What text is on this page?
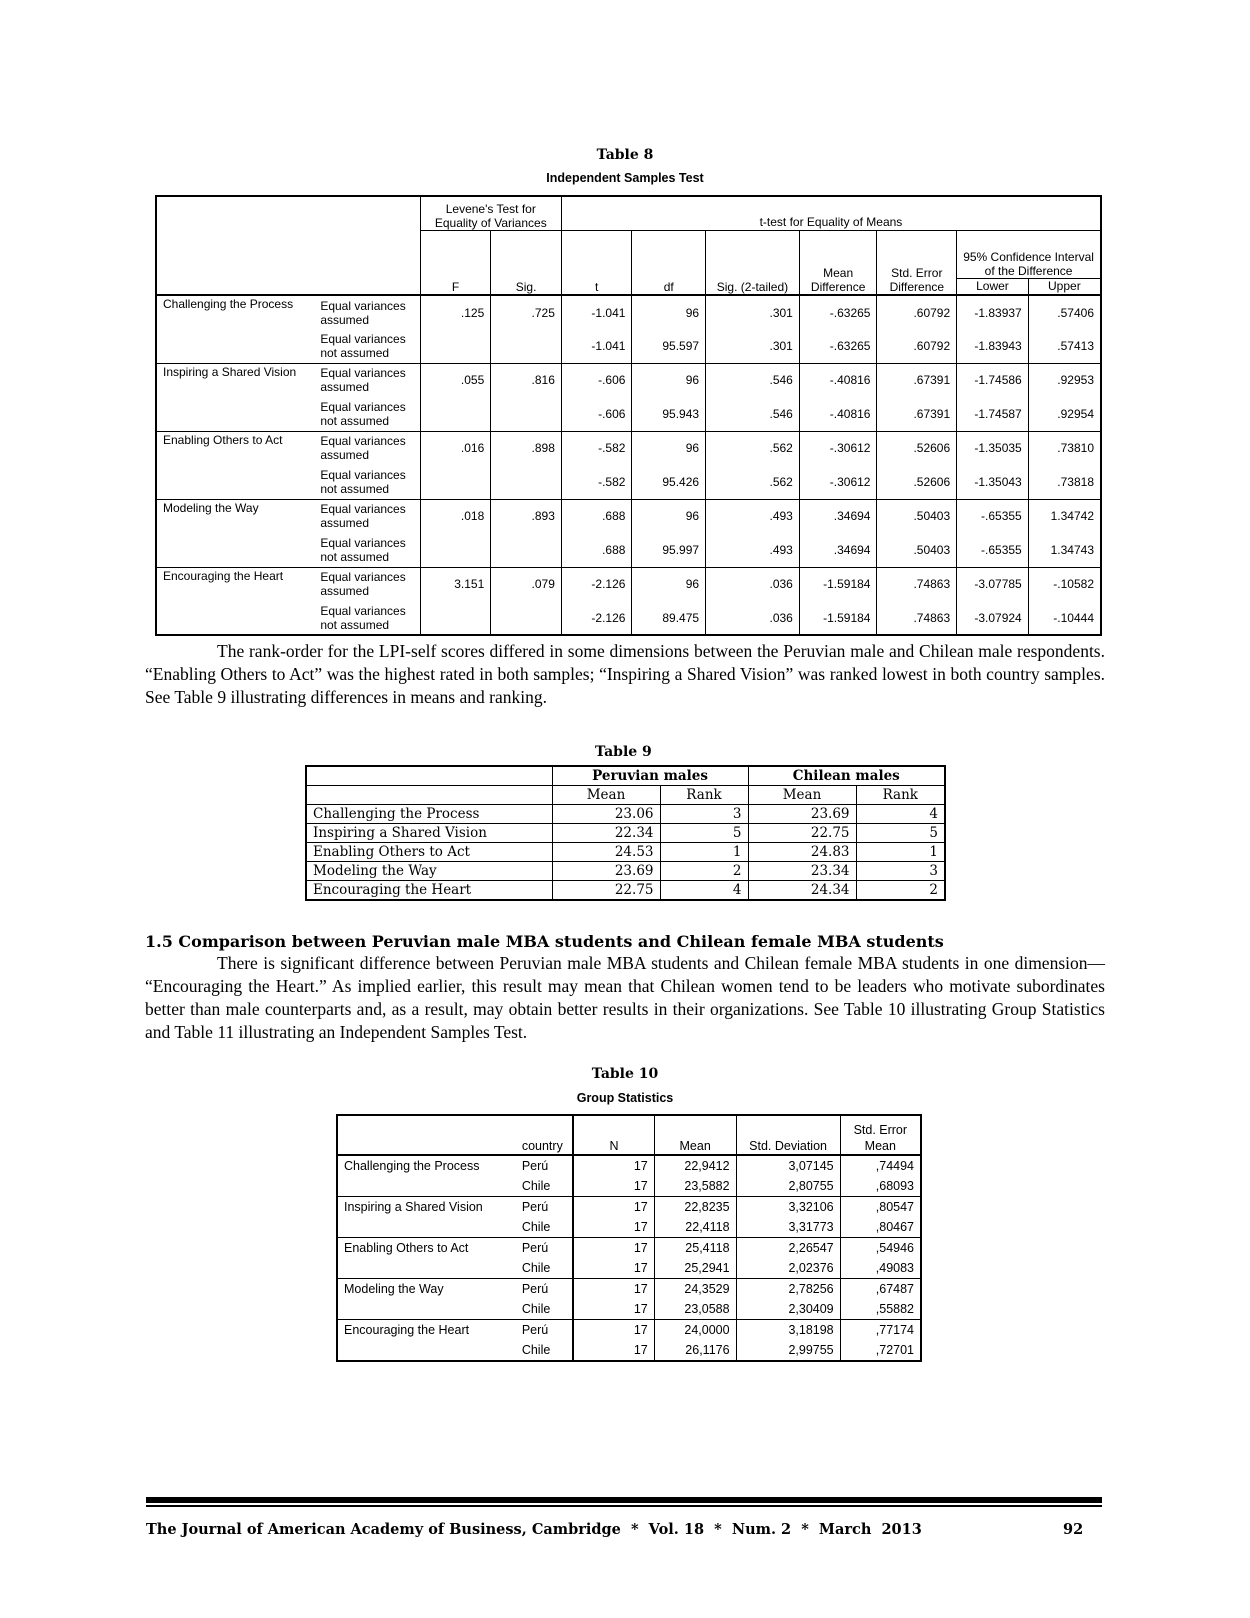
Table 8
Independent Samples Test
		Levene's Test for Equality of Variances		t-test for Equality of Means						
		F	Sig.	t	df	Sig. (2-tailed)	Mean Difference	Std. Error Difference	95% Confidence Interval of the Difference	
									Lower	Upper
Challenging the Process	Equal variances assumed	.125	.725	-1.041	96	.301	-.63265	.60792	-1.83937	.57406
	Equal variances not assumed			-1.041	95.597	.301	-.63265	.60792	-1.83943	.57413
Inspiring a Shared Vision	Equal variances assumed	.055	.816	-.606	96	.546	-.40816	.67391	-1.74586	.92953
	Equal variances not assumed			-.606	95.943	.546	-.40816	.67391	-1.74587	.92954
Enabling Others to Act	Equal variances assumed	.016	.898	-.582	96	.562	-.30612	.52606	-1.35035	.73810
	Equal variances not assumed			-.582	95.426	.562	-.30612	.52606	-1.35043	.73818
Modeling the Way	Equal variances assumed	.018	.893	.688	96	.493	.34694	.50403	-.65355	1.34742
	Equal variances not assumed			.688	95.997	.493	.34694	.50403	-.65355	1.34743
Encouraging the Heart	Equal variances assumed	3.151	.079	-2.126	96	.036	-1.59184	.74863	-3.07785	-.10582
	Equal variances not assumed			-2.126	89.475	.036	-1.59184	.74863	-3.07924	-.10444
The rank-order for the LPI-self scores differed in some dimensions between the Peruvian male and Chilean male respondents. “Enabling Others to Act” was the highest rated in both samples; “Inspiring a Shared Vision” was ranked lowest in both country samples. See Table 9 illustrating differences in means and ranking.
Table 9
	Peruvian males		Chilean males	
	Mean	Rank	Mean	Rank
Challenging the Process	23.06	3	23.69	4
Inspiring a Shared Vision	22.34	5	22.75	5
Enabling Others to Act	24.53	1	24.83	1
Modeling the Way	23.69	2	23.34	3
Encouraging the Heart	22.75	4	24.34	2
1.5 Comparison between Peruvian male MBA students and Chilean female MBA students
There is significant difference between Peruvian male MBA students and Chilean female MBA students in one dimension— “Encouraging the Heart.” As implied earlier, this result may mean that Chilean women tend to be leaders who motivate subordinates better than male counterparts and, as a result, may obtain better results in their organizations. See Table 10 illustrating Group Statistics and Table 11 illustrating an Independent Samples Test.
Table 10
Group Statistics
	country	N	Mean	Std. Deviation	Std. Error Mean
Challenging the Process	Perú	17	22,9412	3,07145	,74494
	Chile	17	23,5882	2,80755	,68093
Inspiring a Shared Vision	Perú	17	22,8235	3,32106	,80547
	Chile	17	22,4118	3,31773	,80467
Enabling Others to Act	Perú	17	25,4118	2,26547	,54946
	Chile	17	25,2941	2,02376	,49083
Modeling the Way	Perú	17	24,3529	2,78256	,67487
	Chile	17	23,0588	2,30409	,55882
Encouraging the Heart	Perú	17	24,0000	3,18198	,77174
	Chile	17	26,1176	2,99755	,72701
The Journal of American Academy of Business, Cambridge  *  Vol. 18  *  Num. 2  *  March  2013	92
